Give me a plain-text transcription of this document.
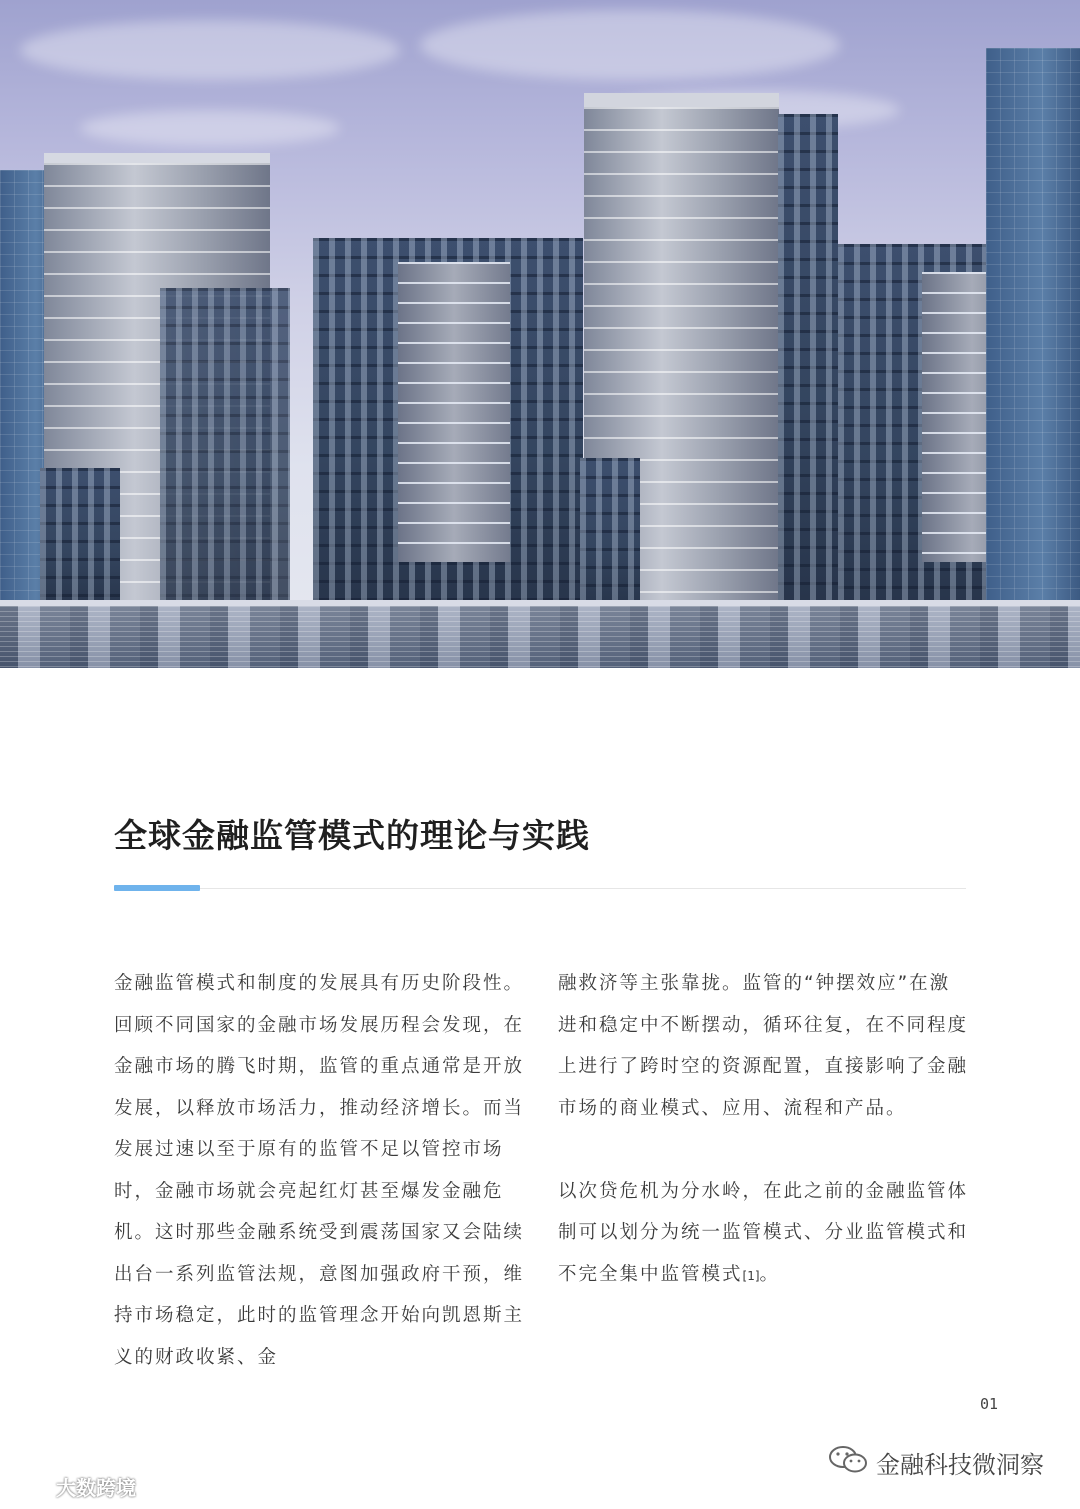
全球金融监管模式的理论与实践

金融监管模式和制度的发展具有历史阶段性。回顾不同国家的金融市场发展历程会发现，在金融市场的腾飞时期，监管的重点通常是开放发展，以释放市场活力，推动经济增长。而当发展过速以至于原有的监管不足以管控市场时，金融市场就会亮起红灯甚至爆发金融危机。这时那些金融系统受到震荡国家又会陆续出台一系列监管法规，意图加强政府干预，维持市场稳定，此时的监管理念开始向凯恩斯主义的财政收紧、金

融救济等主张靠拢。监管的“钟摆效应”在激进和稳定中不断摆动，循环往复，在不同程度上进行了跨时空的资源配置，直接影响了金融市场的商业模式、应用、流程和产品。

以次贷危机为分水岭，在此之前的金融监管体制可以划分为统一监管模式、分业监管模式和不完全集中监管模式[1]。

01
金融科技微洞察
大数跨境
